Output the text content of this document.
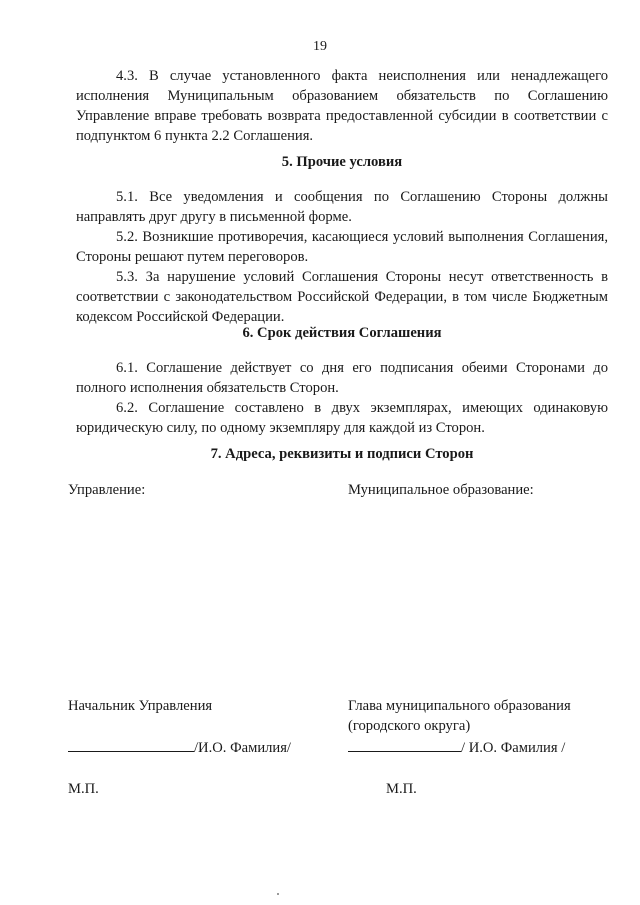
19

4.3. В случае установленного факта неисполнения или ненадлежащего исполнения Муниципальным образованием обязательств по Соглашению Управление вправе требовать возврата предоставленной субсидии в соответствии с подпунктом 6 пункта 2.2 Соглашения.

5. Прочие условия

5.1. Все уведомления и сообщения по Соглашению Стороны должны направлять друг другу в письменной форме.

5.2. Возникшие противоречия, касающиеся условий выполнения Соглашения, Стороны решают путем переговоров.

5.3. За нарушение условий Соглашения Стороны несут ответственность в соответствии с законодательством Российской Федерации, в том числе Бюджетным кодексом Российской Федерации.

6. Срок действия Соглашения

6.1. Соглашение действует со дня его подписания обеими Сторонами до полного исполнения обязательств Сторон.

6.2. Соглашение составлено в двух экземплярах, имеющих одинаковую юридическую силу, по одному экземпляру для каждой из Сторон.

7. Адреса, реквизиты и подписи Сторон
Управление:	Муниципальное образование:
Начальник Управления	Глава муниципального образования
(городского округа)
/И.О. Фамилия/	/ И.О. Фамилия /
М.П.	М.П.
